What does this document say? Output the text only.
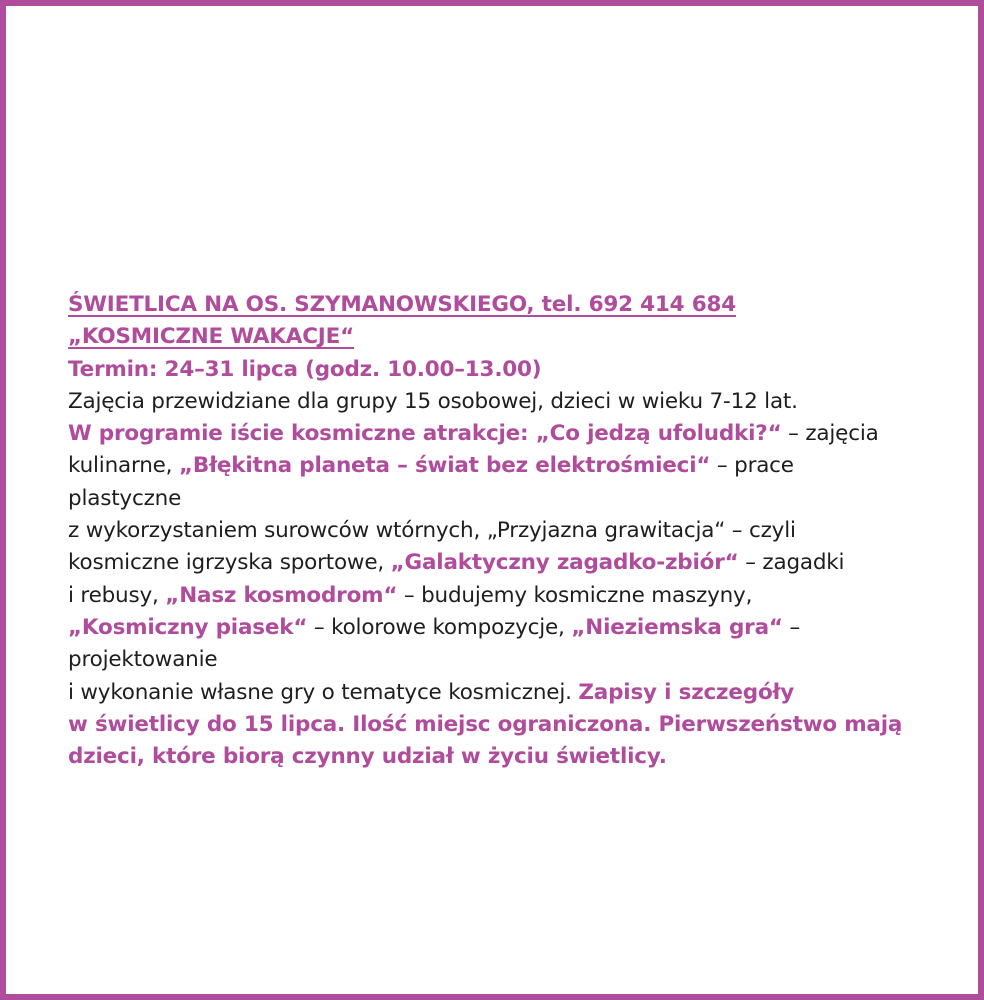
ŚWIETLICA NA OS. SZYMANOWSKIEGO, tel. 692 414 684
„KOSMICZNE WAKACJE“
Termin: 24–31 lipca (godz. 10.00–13.00)
Zajęcia przewidziane dla grupy 15 osobowej, dzieci w wieku 7-12 lat.
W programie iście kosmiczne atrakcje: „Co jedzą ufoludki?“ – zajęcia
kulinarne, „Błękitna planeta – świat bez elektrośmieci“ – prace
plastyczne
z wykorzystaniem surowców wtórnych, „Przyjazna grawitacja“ – czyli
kosmiczne igrzyska sportowe, „Galaktyczny zagadko-zbiór“ – zagadki
i rebusy, „Nasz kosmodrom“ – budujemy kosmiczne maszyny,
„Kosmiczny piasek“ – kolorowe kompozycje, „Nieziemska gra“ –
projektowanie
i wykonanie własne gry o tematyce kosmicznej. Zapisy i szczegóły
w świetlicy do 15 lipca. Ilość miejsc ograniczona. Pierwszeństwo mają
dzieci, które biorą czynny udział w życiu świetlicy.
